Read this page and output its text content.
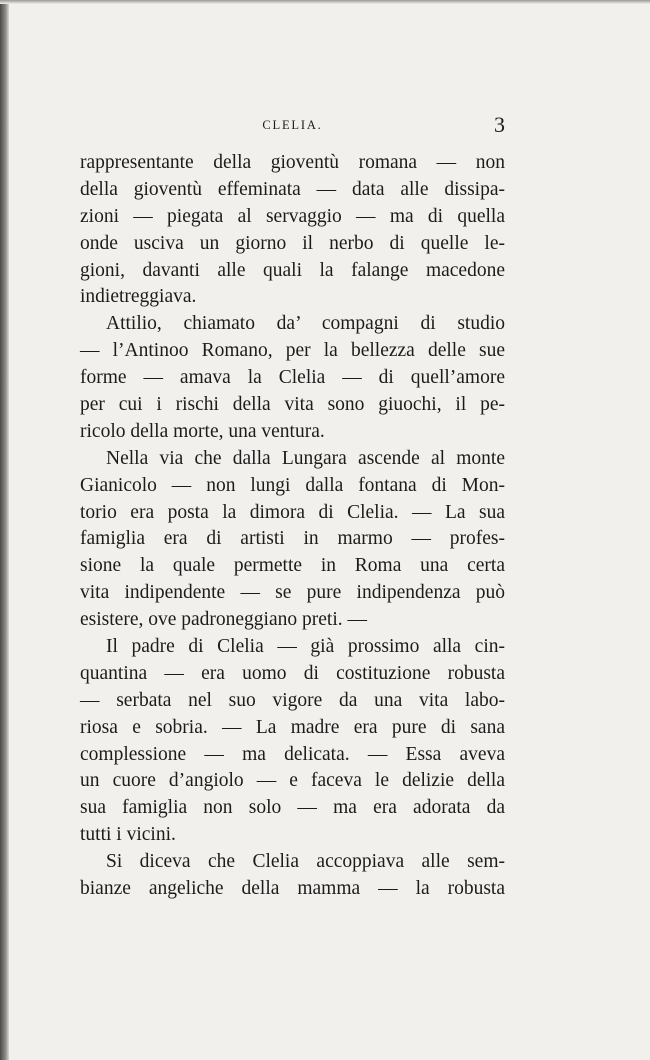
CLELIA.	3
rappresentante della gioventù romana — non
della gioventù effeminata — data alle dissipa-
zioni — piegata al servaggio — ma di quella
onde usciva un giorno il nerbo di quelle le-
gioni, davanti alle quali la falange macedone
indietreggiava.
Attilio, chiamato da’ compagni di studio
— l’Antinoo Romano, per la bellezza delle sue
forme — amava la Clelia — di quell’amore
per cui i rischi della vita sono giuochi, il pe-
ricolo della morte, una ventura.
Nella via che dalla Lungara ascende al monte
Gianicolo — non lungi dalla fontana di Mon-
torio era posta la dimora di Clelia. — La sua
famiglia era di artisti in marmo — profes-
sione la quale permette in Roma una certa
vita indipendente — se pure indipendenza può
esistere, ove padroneggiano preti. —
Il padre di Clelia — già prossimo alla cin-
quantina — era uomo di costituzione robusta
— serbata nel suo vigore da una vita labo-
riosa e sobria. — La madre era pure di sana
complessione — ma delicata. — Essa aveva
un cuore d’angiolo — e faceva le delizie della
sua famiglia non solo — ma era adorata da
tutti i vicini.
Si diceva che Clelia accoppiava alle sem-
bianze angeliche della mamma — la robusta
